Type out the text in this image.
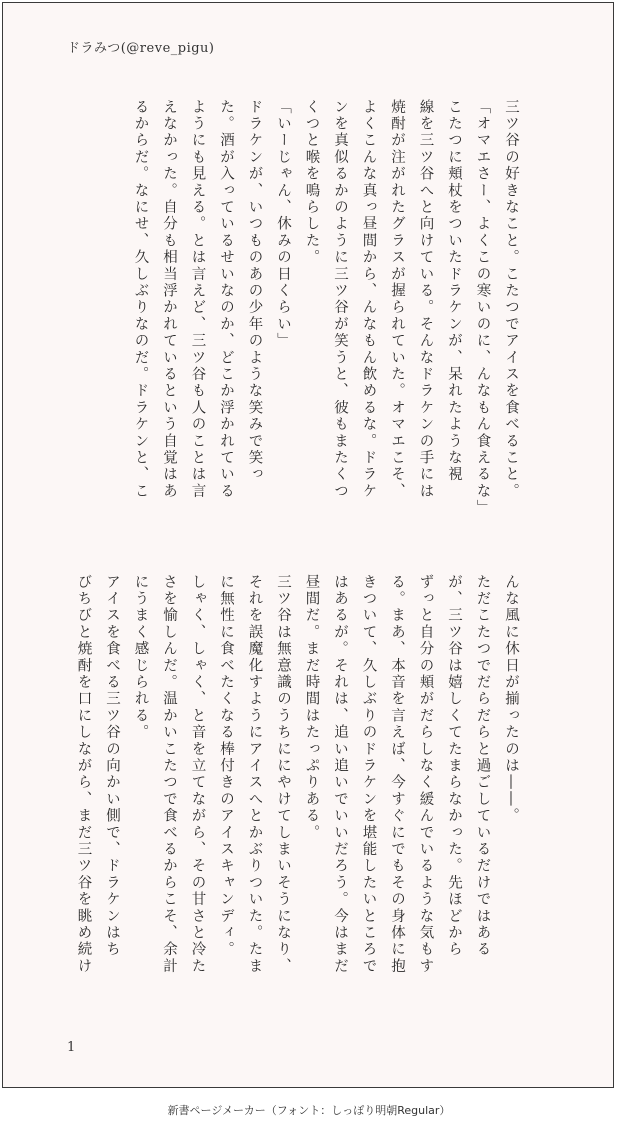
ドラみつ(@reve_pigu)

三ツ谷の好きなこと。こたつでアイスを食べること。

「オマエさー、よくこの寒いのに、んなもん食えるな」

こたつに頬杖をついたドラケンが、呆れたような視

線を三ツ谷へと向けている。そんなドラケンの手には

焼酎が注がれたグラスが握られていた。オマエこそ、

よくこんな真っ昼間から、んなもん飲めるな。ドラケ

ンを真似るかのように三ツ谷が笑うと、彼もまたくつ

くつと喉を鳴らした。

「いーじゃん、休みの日くらい」

ドラケンが、いつものあの少年のような笑みで笑っ

た。酒が入っているせいなのか、どこか浮かれている

ようにも見える。とは言えど、三ツ谷も人のことは言

えなかった。自分も相当浮かれているという自覚はあ

るからだ。なにせ、久しぶりなのだ。ドラケンと、こ

んな風に休日が揃ったのは――。

ただこたつでだらだらと過ごしているだけではある

が、三ツ谷は嬉しくてたまらなかった。先ほどから

ずっと自分の頬がだらしなく緩んでいるような気もす

る。まあ、本音を言えば、今すぐにでもその身体に抱

きついて、久しぶりのドラケンを堪能したいところで

はあるが。それは、追い追いでいいだろう。今はまだ

昼間だ。まだ時間はたっぷりある。

三ツ谷は無意識のうちににやけてしまいそうになり、

それを誤魔化すようにアイスへとかぶりついた。たま

に無性に食べたくなる棒付きのアイスキャンディ。

しゃく、しゃく、と音を立てながら、その甘さと冷た

さを愉しんだ。温かいこたつで食べるからこそ、余計

にうまく感じられる。

アイスを食べる三ツ谷の向かい側で、ドラケンはち

びちびと焼酎を口にしながら、まだ三ツ谷を眺め続け

1
新書ページメーカー（フォント：しっぽり明朝Regular）
